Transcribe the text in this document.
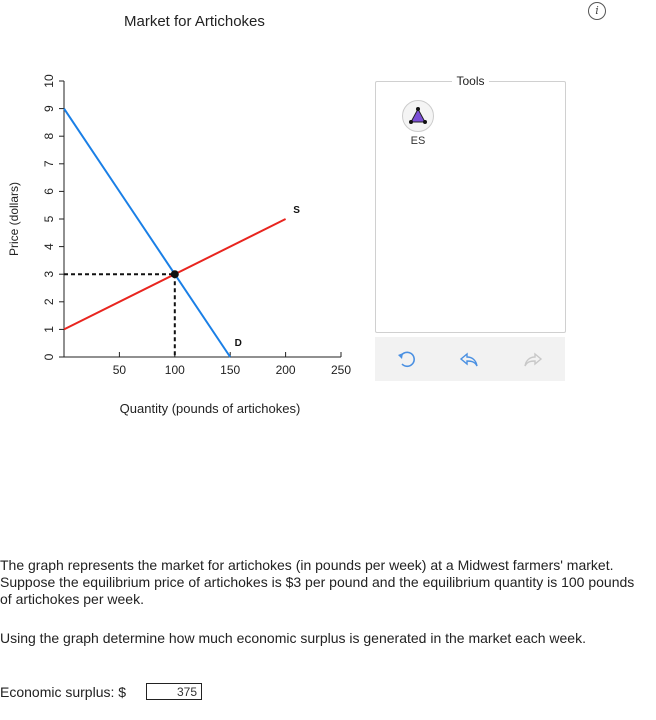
Market for Artichokes
Price (dollars)
0
1
2
3
4
5
6
7
8
9
10
50	100	150	200	250
Quantity (pounds of artichokes)
S
D
i
Tools
ES
The graph represents the market for artichokes (in pounds per week) at a Midwest farmers' market. Suppose the equilibrium price of artichokes is $3 per pound and the equilibrium quantity is 100 pounds of artichokes per week.
Using the graph determine how much economic surplus is generated in the market each week.
Economic surplus: $	375
